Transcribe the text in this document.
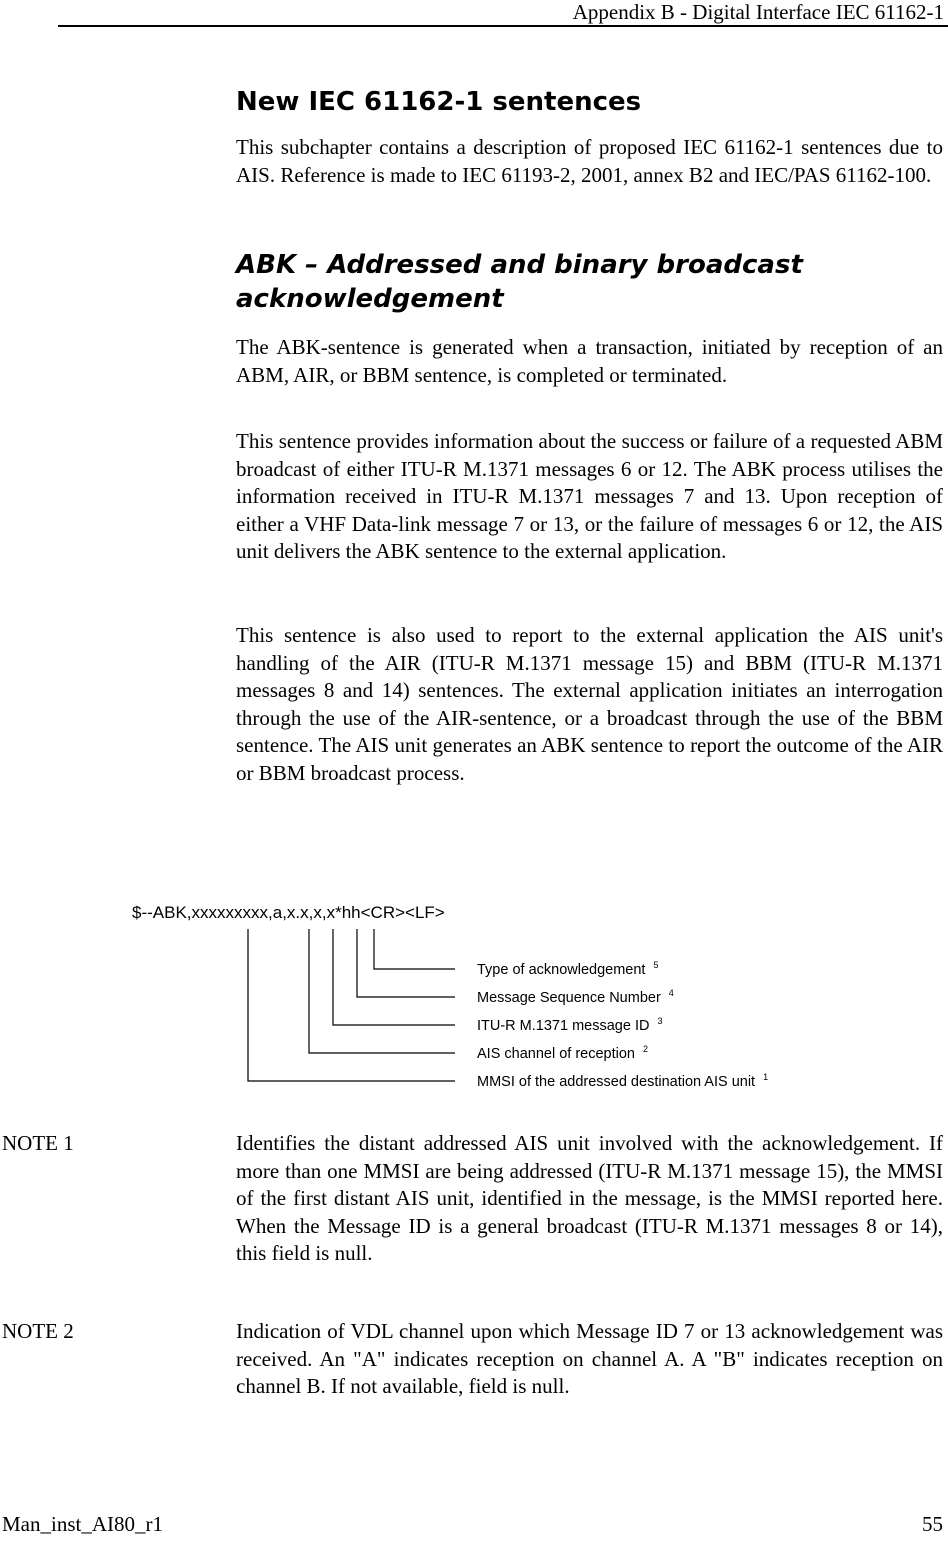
Appendix B - Digital Interface IEC 61162-1
New IEC 61162-1 sentences

This subchapter contains a description of proposed IEC 61162-1 sentences due to AIS. Reference is made to IEC 61193-2, 2001, annex B2 and IEC/PAS 61162-100.

ABK – Addressed and binary broadcast acknowledgement

The ABK-sentence is generated when a transaction, initiated by reception of an ABM, AIR, or BBM sentence, is completed or terminated.

This sentence provides information about the success or failure of a requested ABM broadcast of either ITU-R M.1371 messages 6 or 12. The ABK process utilises the information received in ITU-R M.1371 messages 7 and 13. Upon reception of either a VHF Data-link message 7 or 13, or the failure of messages 6 or 12, the AIS unit delivers the ABK sentence to the external application.

This sentence is also used to report to the external application the AIS unit's handling of the AIR (ITU-R M.1371 message 15) and BBM (ITU-R M.1371 messages 8 and 14) sentences. The external application initiates an interrogation through the use of the AIR-sentence, or a broadcast through the use of the BBM sentence. The AIS unit generates an ABK sentence to report the outcome of the AIR or BBM broadcast process.

$--ABK,xxxxxxxxx,a,x.x,x,x*hh<CR><LF>
Type of acknowledgement $^5$
Message Sequence Number $^4$
ITU-R M.1371 message ID $^3$
AIS channel of reception $^2$
MMSI of the addressed destination AIS unit $^1$
NOTE 1	Identifies the distant addressed AIS unit involved with the acknowledgement. If more than one MMSI are being addressed (ITU-R M.1371 message 15), the MMSI of the first distant AIS unit, identified in the message, is the MMSI reported here. When the Message ID is a general broadcast (ITU-R M.1371 messages 8 or 14), this field is null.

NOTE 2	Indication of VDL channel upon which Message ID 7 or 13 acknowledgement was received. An "A" indicates reception on channel A. A "B" indicates reception on channel B. If not available, field is null.

Man_inst_AI80_r1	55
